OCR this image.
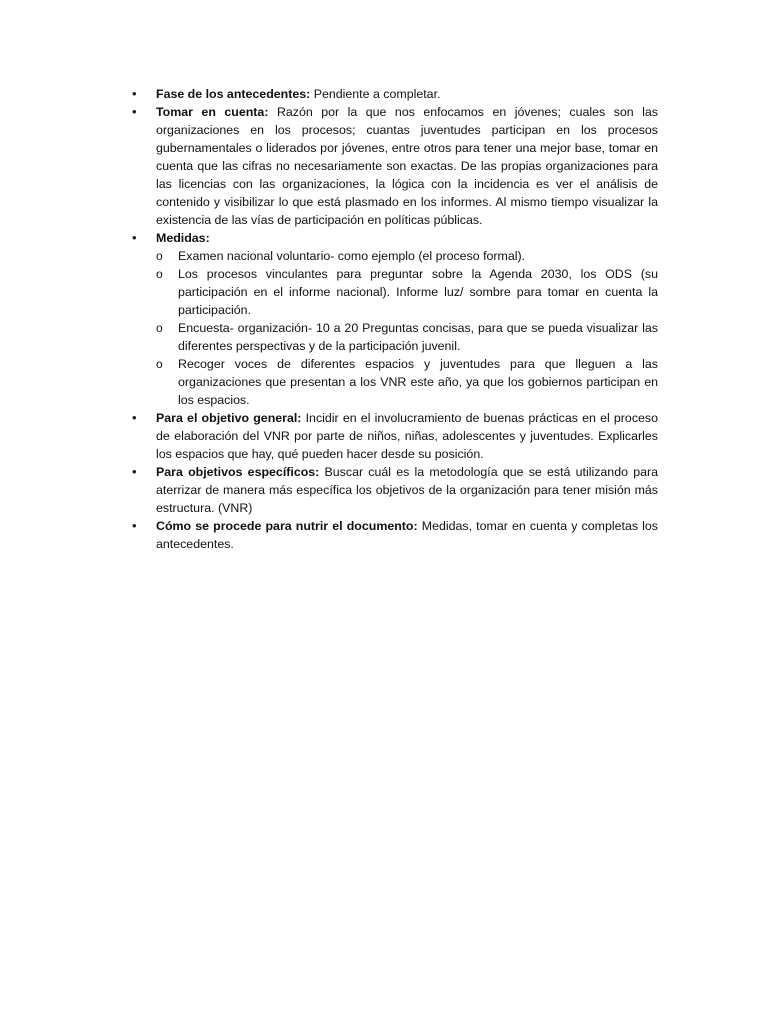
•	Fase de los antecedentes: Pendiente a completar.
•	Tomar en cuenta: Razón por la que nos enfocamos en jóvenes; cuales son las organizaciones en los procesos; cuantas juventudes participan en los procesos gubernamentales o liderados por jóvenes, entre otros para tener una mejor base, tomar en cuenta que las cifras no necesariamente son exactas. De las propias organizaciones para las licencias con las organizaciones, la lógica con la incidencia es ver el análisis de contenido y visibilizar lo que está plasmado en los informes. Al mismo tiempo visualizar la existencia de las vías de participación en políticas públicas.
•	Medidas:
o Examen nacional voluntario- como ejemplo (el proceso formal).
o Los procesos vinculantes para preguntar sobre la Agenda 2030, los ODS (su participación en el informe nacional). Informe luz/ sombre para tomar en cuenta la participación.
o Encuesta- organización- 10 a 20 Preguntas concisas, para que se pueda visualizar las diferentes perspectivas y de la participación juvenil.
o Recoger voces de diferentes espacios y juventudes para que lleguen a las organizaciones que presentan a los VNR este año, ya que los gobiernos participan en los espacios.
•	Para el objetivo general: Incidir en el involucramiento de buenas prácticas en el proceso de elaboración del VNR por parte de niños, niñas, adolescentes y juventudes. Explicarles los espacios que hay, qué pueden hacer desde su posición.
•	Para objetivos específicos: Buscar cuál es la metodología que se está utilizando para aterrizar de manera más específica los objetivos de la organización para tener misión más estructura. (VNR)
•	Cómo se procede para nutrir el documento: Medidas, tomar en cuenta y completas los antecedentes.
